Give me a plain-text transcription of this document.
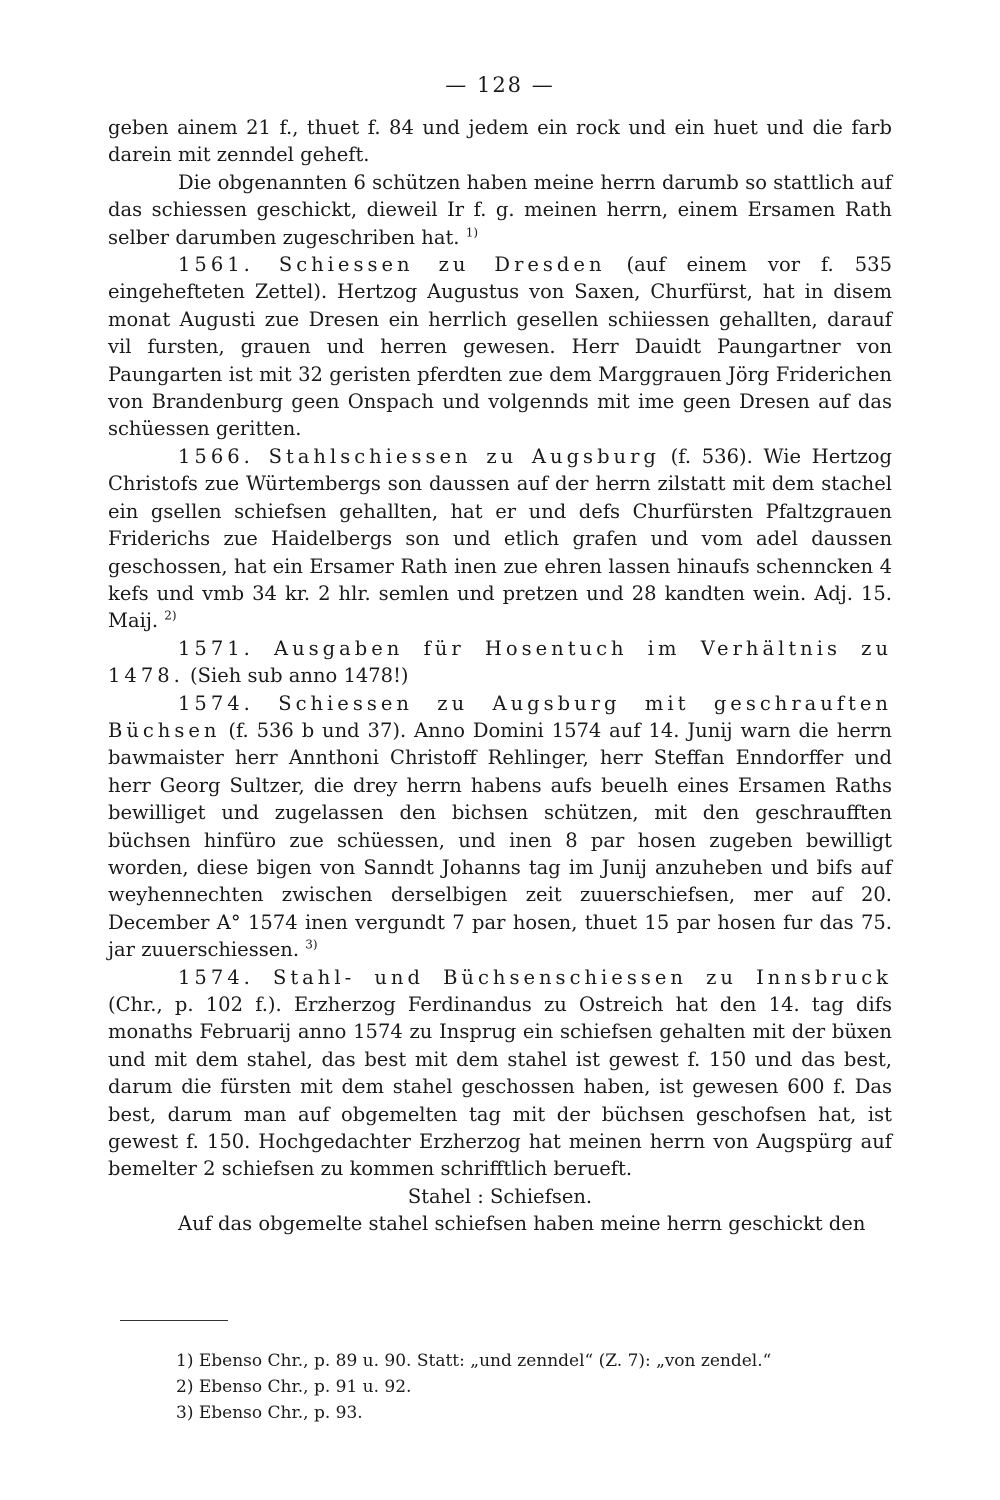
— 128 —

geben ainem 21 f., thuet f. 84 und jedem ein rock und ein huet und die farb darein mit zenndel geheft.

Die obgenannten 6 schützen haben meine herrn darumb so stattlich auf das schiessen geschickt, dieweil Ir f. g. meinen herrn, einem Ersamen Rath selber darumben zugeschriben hat. $^{1)}$

1561. Schiessen zu Dresden (auf einem vor f. 535 eingehefteten Zettel). Hertzog Augustus von Saxen, Churfürst, hat in disem monat Augusti zue Dresen ein herrlich gesellen schiiessen gehallten, darauf vil fursten, grauen und herren gewesen. Herr Dauidt Paungartner von Paungarten ist mit 32 geristen pferdten zue dem Marggrauen Jörg Friderichen von Brandenburg geen Onspach und volgennds mit ime geen Dresen auf das schüessen geritten.

1566. Stahlschiessen zu Augsburg (f. 536). Wie Hertzog Christofs zue Würtembergs son daussen auf der herrn zilstatt mit dem stachel ein gsellen schiefsen gehallten, hat er und defs Churfürsten Pfaltzgrauen Friderichs zue Haidelbergs son und etlich grafen und vom adel daussen geschossen, hat ein Ersamer Rath inen zue ehren lassen hinaufs schenncken 4 kefs und vmb 34 kr. 2 hlr. semlen und pretzen und 28 kandten wein. Adj. 15. Maij. $^{2)}$

1571. Ausgaben für Hosentuch im Verhältnis zu 1478. (Sieh sub anno 1478!)

1574. Schiessen zu Augsburg mit geschrauften Büchsen (f. 536 b und 37). Anno Domini 1574 auf 14. Junij warn die herrn bawmaister herr Annthoni Christoff Rehlinger, herr Steffan Enndorffer und herr Georg Sultzer, die drey herrn habens aufs beuelh eines Ersamen Raths bewilliget und zugelassen den bichsen schützen, mit den geschraufften büchsen hinfüro zue schüessen, und inen 8 par hosen zugeben bewilligt worden, diese bigen von Sanndt Johanns tag im Junij anzuheben und bifs auf weyhennechten zwischen derselbigen zeit zuuerschiefsen, mer auf 20. December A° 1574 inen vergundt 7 par hosen, thuet 15 par hosen fur das 75. jar zuuerschiessen. $^{3)}$

1574. Stahl- und Büchsenschiessen zu Innsbruck (Chr., p. 102 f.). Erzherzog Ferdinandus zu Ostreich hat den 14. tag difs monaths Februarij anno 1574 zu Insprug ein schiefsen gehalten mit der büxen und mit dem stahel, das best mit dem stahel ist gewest f. 150 und das best, darum die fürsten mit dem stahel geschossen haben, ist gewesen 600 f. Das best, darum man auf obgemelten tag mit der büchsen geschofsen hat, ist gewest f. 150. Hochgedachter Erzherzog hat meinen herrn von Augspürg auf bemelter 2 schiefsen zu kommen schrifftlich berueft.

Stahel : Schiefsen.

Auf das obgemelte stahel schiefsen haben meine herrn geschickt den

1) Ebenso Chr., p. 89 u. 90. Statt: „und zenndel“ (Z. 7): „von zendel.“
2) Ebenso Chr., p. 91 u. 92.
3) Ebenso Chr., p. 93.
